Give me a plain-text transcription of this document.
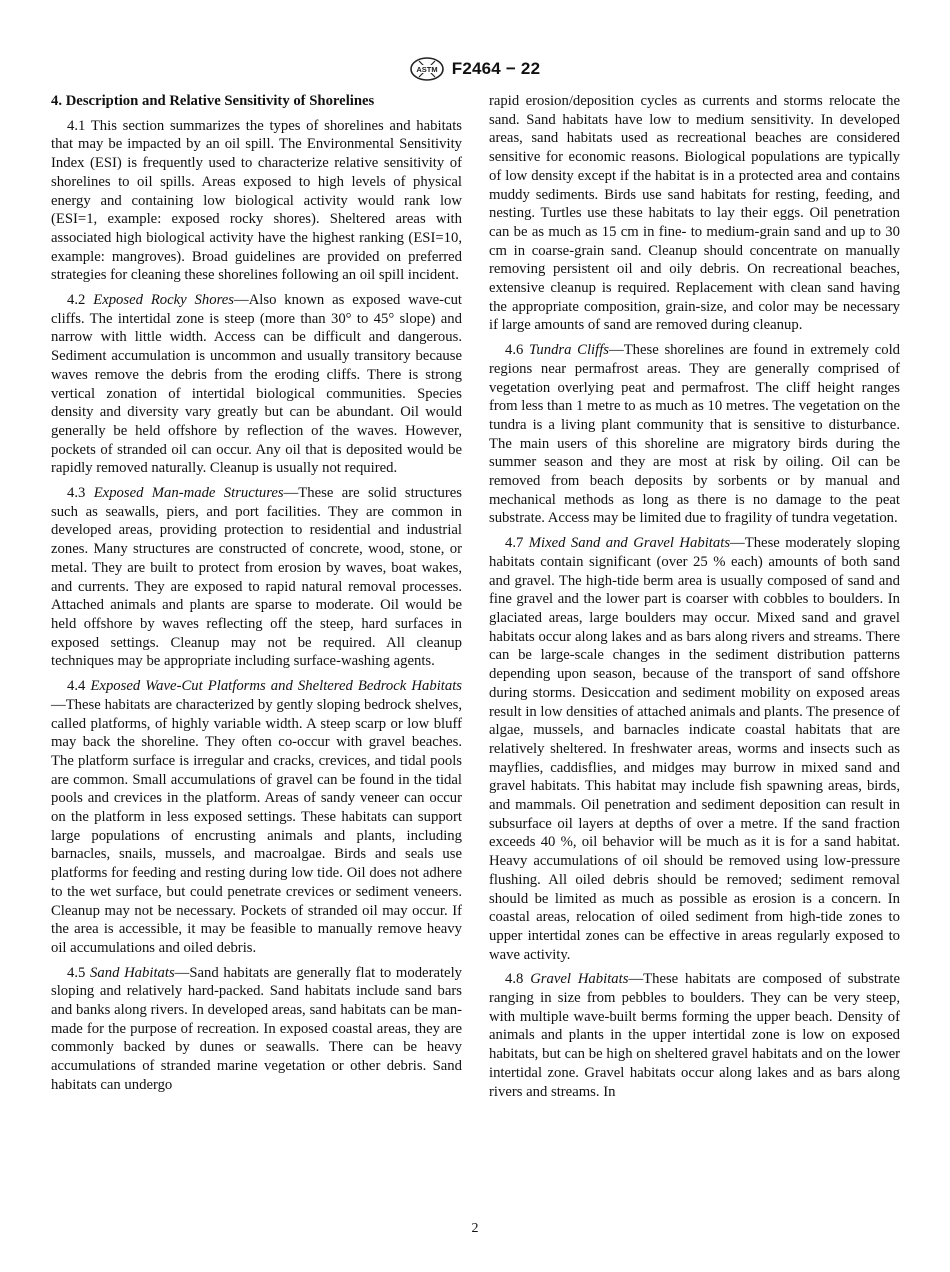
ASTM F2464 − 22

4. Description and Relative Sensitivity of Shorelines

4.1 This section summarizes the types of shorelines and habitats that may be impacted by an oil spill. The Environmental Sensitivity Index (ESI) is frequently used to characterize relative sensitivity of shorelines to oil spills. Areas exposed to high levels of physical energy and containing low biological activity would rank low (ESI=1, example: exposed rocky shores). Sheltered areas with associated high biological activity have the highest ranking (ESI=10, example: mangroves). Broad guidelines are provided on preferred strategies for cleaning these shorelines following an oil spill incident.

4.2 Exposed Rocky Shores—Also known as exposed wave-cut cliffs. The intertidal zone is steep (more than 30° to 45° slope) and narrow with little width. Access can be difficult and dangerous. Sediment accumulation is uncommon and usually transitory because waves remove the debris from the eroding cliffs. There is strong vertical zonation of intertidal biological communities. Species density and diversity vary greatly but can be abundant. Oil would generally be held offshore by reflection of the waves. However, pockets of stranded oil can occur. Any oil that is deposited would be rapidly removed naturally. Cleanup is usually not required.

4.3 Exposed Man-made Structures—These are solid structures such as seawalls, piers, and port facilities. They are common in developed areas, providing protection to residential and industrial zones. Many structures are constructed of concrete, wood, stone, or metal. They are built to protect from erosion by waves, boat wakes, and currents. They are exposed to rapid natural removal processes. Attached animals and plants are sparse to moderate. Oil would be held offshore by waves reflecting off the steep, hard surfaces in exposed settings. Cleanup may not be required. All cleanup techniques may be appropriate including surface-washing agents.

4.4 Exposed Wave-Cut Platforms and Sheltered Bedrock Habitats—These habitats are characterized by gently sloping bedrock shelves, called platforms, of highly variable width. A steep scarp or low bluff may back the shoreline. They often co-occur with gravel beaches. The platform surface is irregular and cracks, crevices, and tidal pools are common. Small accumulations of gravel can be found in the tidal pools and crevices in the platform. Areas of sandy veneer can occur on the platform in less exposed settings. These habitats can support large populations of encrusting animals and plants, including barnacles, snails, mussels, and macroalgae. Birds and seals use platforms for feeding and resting during low tide. Oil does not adhere to the wet surface, but could penetrate crevices or sediment veneers. Cleanup may not be necessary. Pockets of stranded oil may occur. If the area is accessible, it may be feasible to manually remove heavy oil accumulations and oiled debris.

4.5 Sand Habitats—Sand habitats are generally flat to moderately sloping and relatively hard-packed. Sand habitats include sand bars and banks along rivers. In developed areas, sand habitats can be man-made for the purpose of recreation. In exposed coastal areas, they are commonly backed by dunes or seawalls. There can be heavy accumulations of stranded marine vegetation or other debris. Sand habitats can undergo

rapid erosion/deposition cycles as currents and storms relocate the sand. Sand habitats have low to medium sensitivity. In developed areas, sand habitats used as recreational beaches are considered sensitive for economic reasons. Biological populations are typically of low density except if the habitat is in a protected area and contains muddy sediments. Birds use sand habitats for resting, feeding, and nesting. Turtles use these habitats to lay their eggs. Oil penetration can be as much as 15 cm in fine- to medium-grain sand and up to 30 cm in coarse-grain sand. Cleanup should concentrate on manually removing persistent oil and oily debris. On recreational beaches, extensive cleanup is required. Replacement with clean sand having the appropriate composition, grain-size, and color may be necessary if large amounts of sand are removed during cleanup.

4.6 Tundra Cliffs—These shorelines are found in extremely cold regions near permafrost areas. They are generally comprised of vegetation overlying peat and permafrost. The cliff height ranges from less than 1 metre to as much as 10 metres. The vegetation on the tundra is a living plant community that is sensitive to disturbance. The main users of this shoreline are migratory birds during the summer season and they are most at risk by oiling. Oil can be removed from beach deposits by sorbents or by manual and mechanical methods as long as there is no damage to the peat substrate. Access may be limited due to fragility of tundra vegetation.

4.7 Mixed Sand and Gravel Habitats—These moderately sloping habitats contain significant (over 25 % each) amounts of both sand and gravel. The high-tide berm area is usually composed of sand and fine gravel and the lower part is coarser with cobbles to boulders. In glaciated areas, large boulders may occur. Mixed sand and gravel habitats occur along lakes and as bars along rivers and streams. There can be large-scale changes in the sediment distribution patterns depending upon season, because of the transport of sand offshore during storms. Desiccation and sediment mobility on exposed areas result in low densities of attached animals and plants. The presence of algae, mussels, and barnacles indicate coastal habitats that are relatively sheltered. In freshwater areas, worms and insects such as mayflies, caddisflies, and midges may burrow in mixed sand and gravel habitats. This habitat may include fish spawning areas, birds, and mammals. Oil penetration and sediment deposition can result in subsurface oil layers at depths of over a metre. If the sand fraction exceeds 40 %, oil behavior will be much as it is for a sand habitat. Heavy accumulations of oil should be removed using low-pressure flushing. All oiled debris should be removed; sediment removal should be limited as much as possible as erosion is a concern. In coastal areas, relocation of oiled sediment from high-tide zones to upper intertidal zones can be effective in areas regularly exposed to wave activity.

4.8 Gravel Habitats—These habitats are composed of substrate ranging in size from pebbles to boulders. They can be very steep, with multiple wave-built berms forming the upper beach. Density of animals and plants in the upper intertidal zone is low on exposed habitats, but can be high on sheltered gravel habitats and on the lower intertidal zone. Gravel habitats occur along lakes and as bars along rivers and streams. In

2
